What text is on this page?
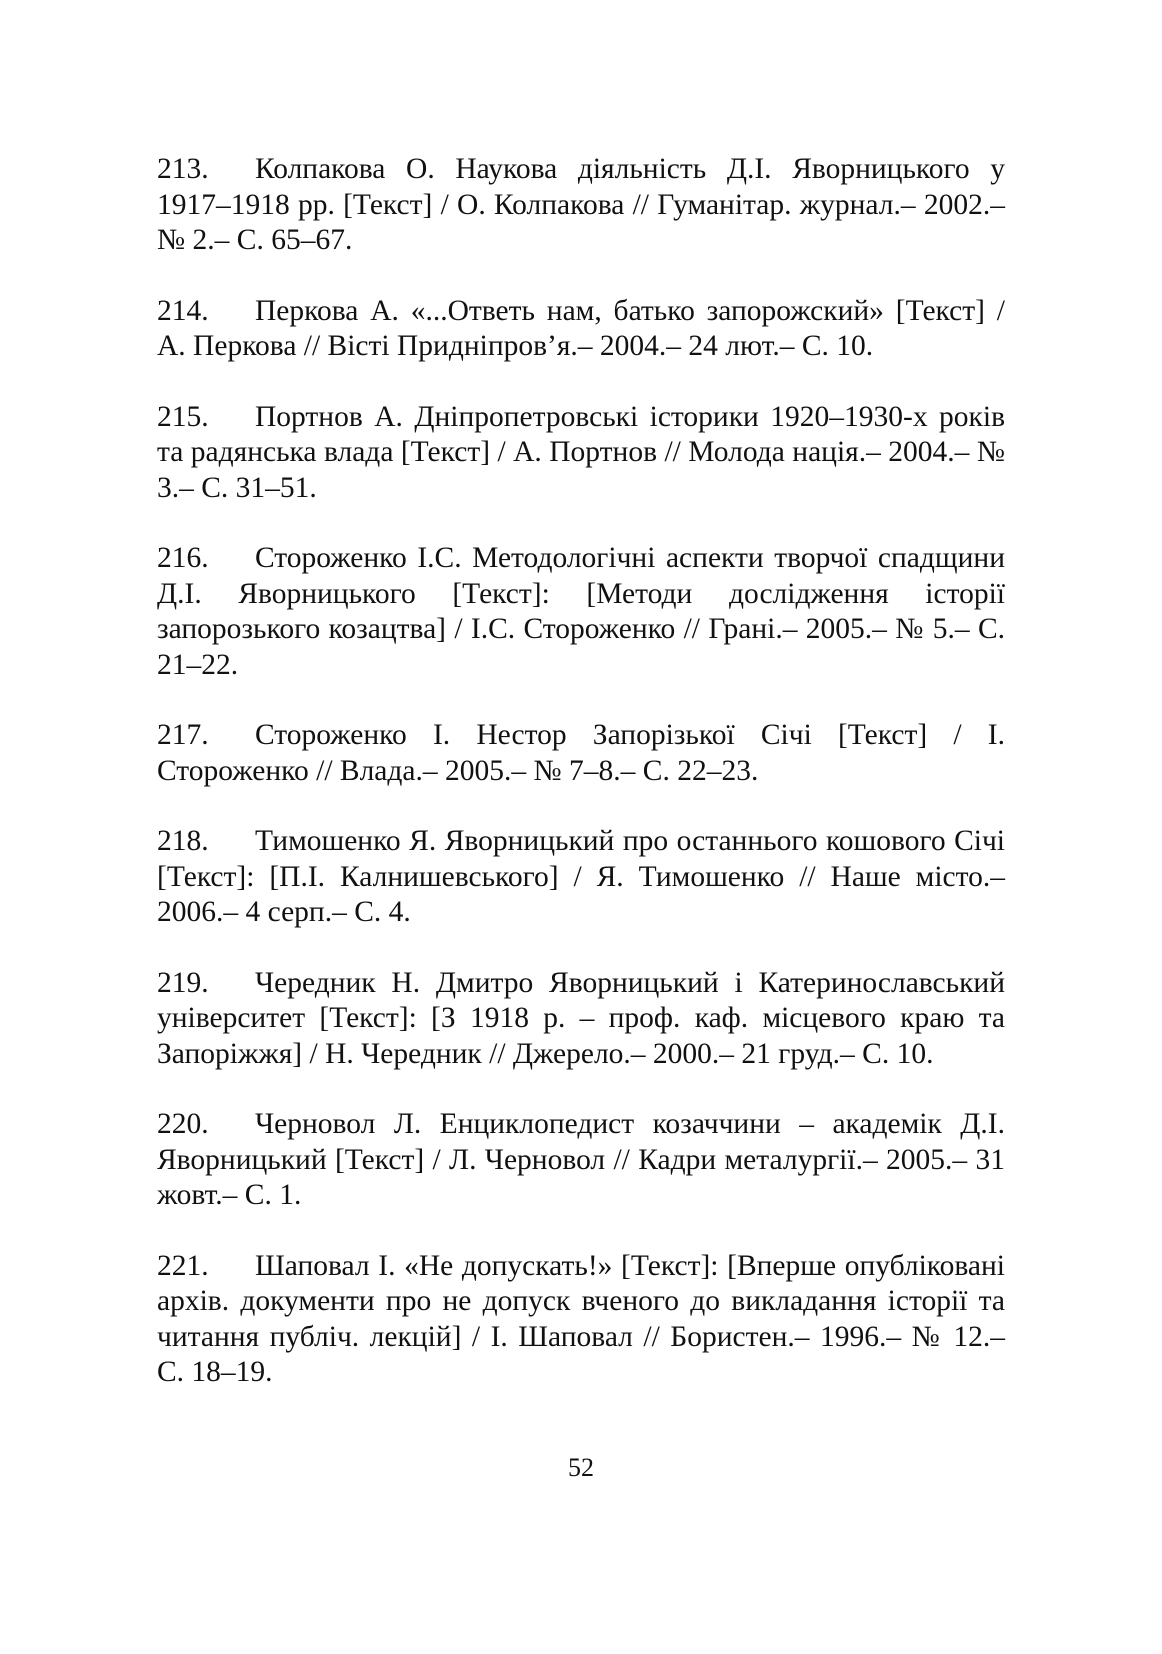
213. Колпакова О. Наукова діяльність Д.І. Яворницького у 1917–1918 рр. [Текст] / О. Колпакова // Гуманітар. журнал.– 2002.– № 2.– С. 65–67.

214. Перкова А. «...Ответь нам, батько запорожский» [Текст] / А. Перкова // Вісті Придніпров’я.– 2004.– 24 лют.– С. 10.

215. Портнов А. Дніпропетровські історики 1920–1930-х років та радянська влада [Текст] / А. Портнов // Молода нація.– 2004.– № 3.– С. 31–51.

216. Стороженко І.С. Методологічні аспекти творчої спадщини Д.І. Яворницького [Текст]: [Методи дослідження історії запорозького козацтва] / І.С. Стороженко // Грані.– 2005.– № 5.– С. 21–22.

217. Стороженко І. Нестор Запорізької Січі [Текст] / І. Стороженко // Влада.– 2005.– № 7–8.– С. 22–23.

218. Тимошенко Я. Яворницький про останнього кошового Січі [Текст]: [П.І. Калнишевського] / Я. Тимошенко // Наше місто.– 2006.– 4 серп.– С. 4.

219. Чередник Н. Дмитро Яворницький і Катеринославський університет [Текст]: [З 1918 р. – проф. каф. місцевого краю та Запоріжжя] / Н. Чередник // Джерело.– 2000.– 21 груд.– С. 10.

220. Черновол Л. Енциклопедист козаччини – академік Д.І. Яворницький [Текст] / Л. Черновол // Кадри металургії.– 2005.– 31 жовт.– С. 1.

221. Шаповал І. «Не допускать!» [Текст]: [Вперше опубліковані архів. документи про не допуск вченого до викладання історії та читання публіч. лекцій] / І. Шаповал // Бористен.– 1996.– № 12.– С. 18–19.

52
